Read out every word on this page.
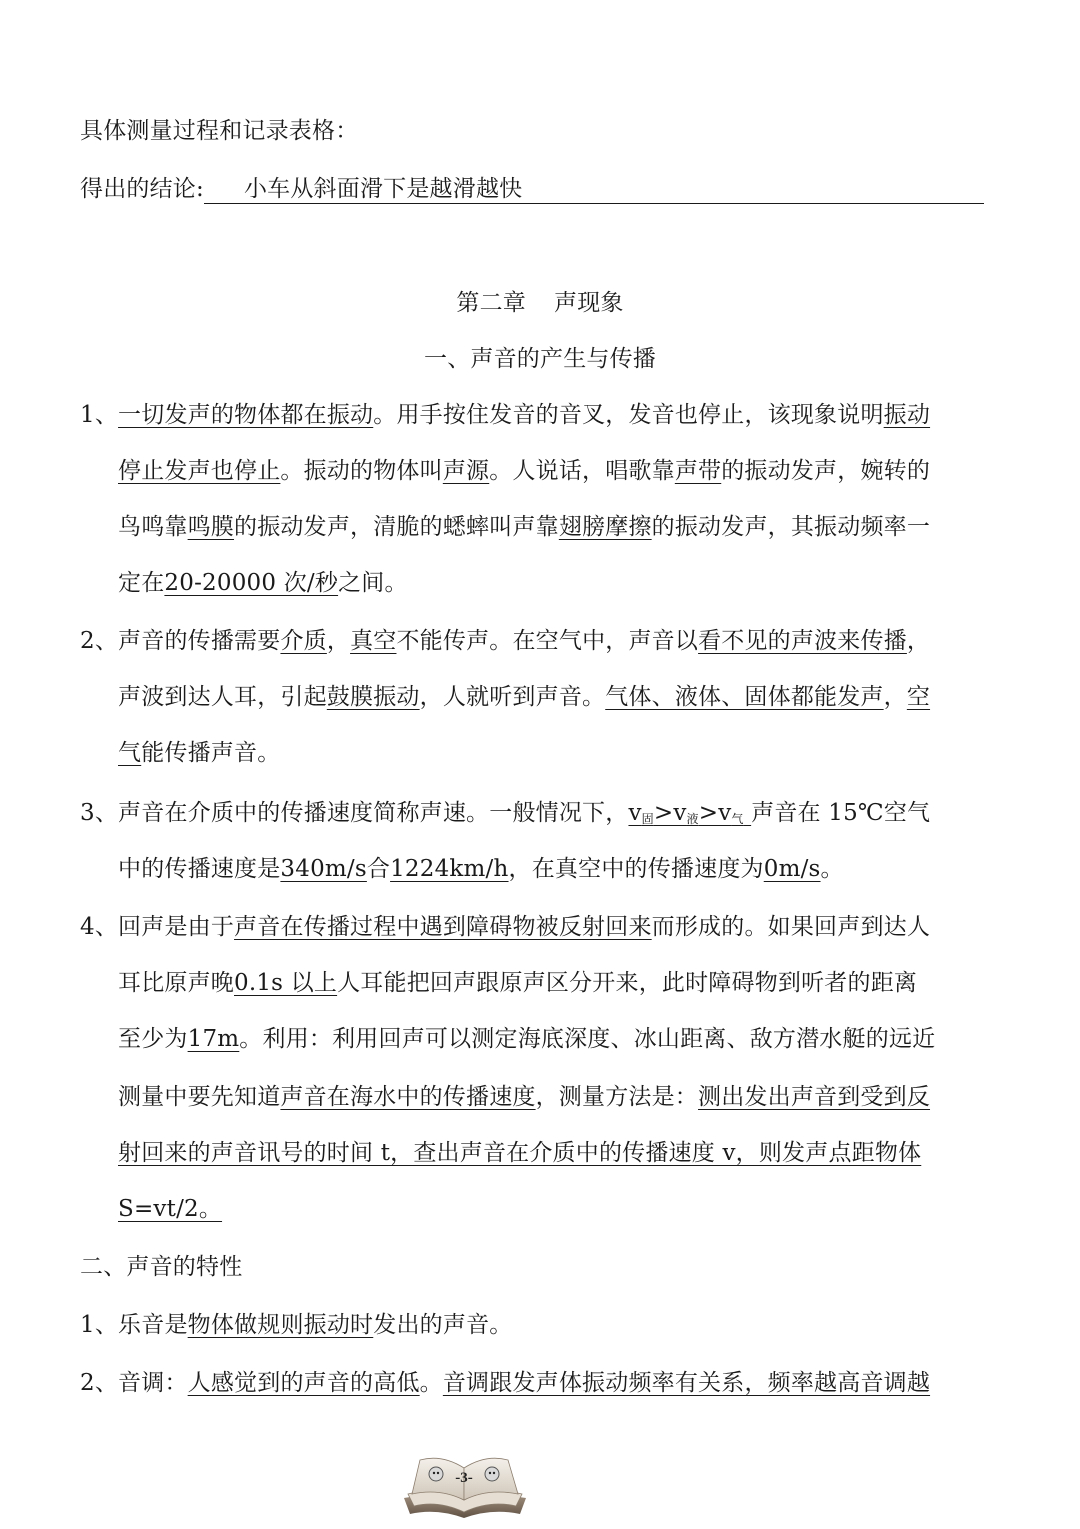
具体测量过程和记录表格：
得出的结论: 小车从斜面滑下是越滑越快
第二章 声现象
一、声音的产生与传播
1、一切发声的物体都在振动。用手按住发音的音叉，发音也停止，该现象说明振动
停止发声也停止。振动的物体叫声源。人说话，唱歌靠声带的振动发声，婉转的
鸟鸣靠鸣膜的振动发声，清脆的蟋蟀叫声靠翅膀摩擦的振动发声，其振动频率一
定在20-20000 次/秒之间。
2、声音的传播需要介质，真空不能传声。在空气中，声音以看不见的声波来传播，
声波到达人耳，引起鼓膜振动，人就听到声音。气体、液体、固体都能发声，空
气能传播声音。
3、声音在介质中的传播速度简称声速。一般情况下，$v_固>v_液>v_气$ 声音在 15℃空气
中的传播速度是340m/s合1224km/h，在真空中的传播速度为0m/s。
4、回声是由于声音在传播过程中遇到障碍物被反射回来而形成的。如果回声到达人
耳比原声晚0.1s 以上人耳能把回声跟原声区分开来，此时障碍物到听者的距离
至少为17m。利用：利用回声可以测定海底深度、冰山距离、敌方潜水艇的远近
测量中要先知道声音在海水中的传播速度，测量方法是：测出发出声音到受到反
射回来的声音讯号的时间 t，查出声音在介质中的传播速度 v，则发声点距物体
S=vt/2。
二、声音的特性
1、乐音是物体做规则振动时发出的声音。
2、音调：人感觉到的声音的高低。音调跟发声体振动频率有关系，频率越高音调越
-3-
